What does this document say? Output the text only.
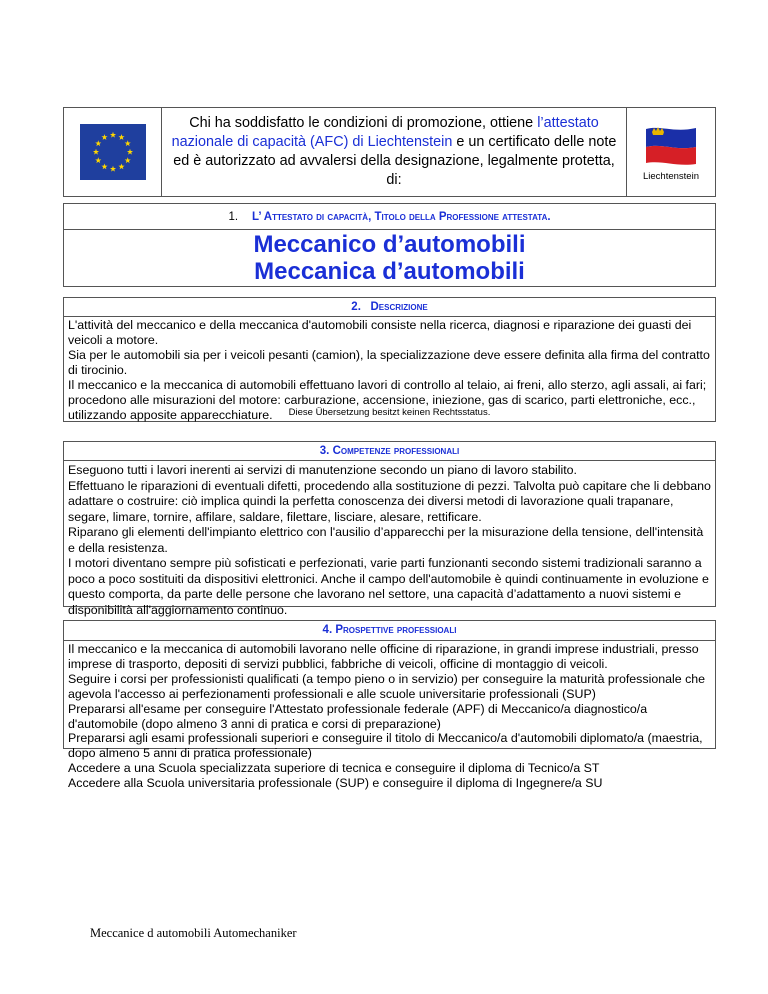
Chi ha soddisfatto le condizioni di promozione, ottiene l’attestato nazionale di capacità (AFC) di Liechtenstein e un certificato delle note ed è autorizzato ad avvalersi della designazione, legalmente protetta, di:	Liechtenstein
1. L’ Attestato di capacità, Titolo della Professione attestata.
Meccanico d’automobili
Meccanica d’automobili
2. Descrizione
L'attività del meccanico e della meccanica d'automobili consiste nella ricerca, diagnosi e riparazione dei guasti dei veicoli a motore.
Sia per le automobili sia per i veicoli pesanti (camion), la specializzazione deve essere definita alla firma del contratto di tirocinio.
Il meccanico e la meccanica di automobili effettuano lavori di controllo al telaio, ai freni, allo sterzo, agli assali, ai fari; procedono alle misurazioni del motore: carburazione, accensione, iniezione, gas di scarico, parti elettroniche, ecc., utilizzando apposite apparecchiature.	Diese Übersetzung besitzt keinen Rechtsstatus.
3. Competenze professionali
Eseguono tutti i lavori inerenti ai servizi di manutenzione secondo un piano di lavoro stabilito.
Effettuano le riparazioni di eventuali difetti, procedendo alla sostituzione di pezzi. Talvolta può capitare che li debbano adattare o costruire: ciò implica quindi la perfetta conoscenza dei diversi metodi di lavorazione quali trapanare, segare, limare, tornire, affilare, saldare, filettare, lisciare, alesare, rettificare.
Riparano gli elementi dell'impianto elettrico con l'ausilio d’apparecchi per la misurazione della tensione, dell'intensità e della resistenza.
I motori diventano sempre più sofisticati e perfezionati, varie parti funzionanti secondo sistemi tradizionali saranno a poco a poco sostituiti da dispositivi elettronici. Anche il campo dell'automobile è quindi continuamente in evoluzione e questo comporta, da parte delle persone che lavorano nel settore, una capacità d’adattamento a nuovi sistemi e disponibilità all'aggiornamento continuo.
4. Prospettive professioali
Il meccanico e la meccanica di automobili lavorano nelle officine di riparazione, in grandi imprese industriali, presso imprese di trasporto, depositi di servizi pubblici, fabbriche di veicoli, officine di montaggio di veicoli.
Seguire i corsi per professionisti qualificati (a tempo pieno o in servizio) per conseguire la maturità professionale che agevola l'accesso ai perfezionamenti professionali e alle scuole universitarie professionali (SUP)
Prepararsi all'esame per conseguire l'Attestato professionale federale (APF) di Meccanico/a diagnostico/a d'automobile (dopo almeno 3 anni di pratica e corsi di preparazione)
Prepararsi agli esami professionali superiori e conseguire il titolo di Meccanico/a d'automobili diplomato/a (maestria, dopo almeno 5 anni di pratica professionale)
Accedere a una Scuola specializzata superiore di tecnica e conseguire il diploma di Tecnico/a ST
Accedere alla Scuola universitaria professionale (SUP) e conseguire il diploma di Ingegnere/a SU
Meccanice d automobili Automechaniker
